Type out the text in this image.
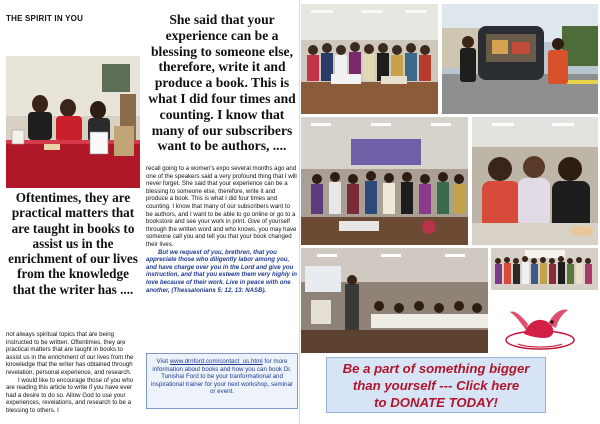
THE SPIRIT IN YOU
Oftentimes, they are practical matters that are taught in books to assist us in the enrichment of our lives from the knowledge that the writer has ....

not always spiritual topics that are being instructed to be written. Oftentimes, they are practical matters that are taught in books to assist us in the enrichment of our lives from the knowledge that the writer has obtained through revelation, personal experience, and research.

I would like to encourage those of you who are reading this article to write if you have ever had a desire to do so. Allow God to use your experiences, revelations, and research to be a blessing to others. I

She said that your experience can be a blessing to someone else, therefore, write it and produce a book. This is what I did four times and counting. I know that many of our subscribers want to be authors, ....

recall going to a women's expo several months ago and one of the speakers said a very profound thing that I will never forget. She said that your experience can be a blessing to someone else, therefore, write it and produce a book. This is what I did four times and counting. I know that many of our subscribers want to be authors, and I want to be able to go online or go to a bookstore and see your work in print. Give of yourself through the written word and who knows, you may have someone call you and tell you that your book changed their lives.

But we request of you, brethren, that you appreciate those who diligently labor among you, and have charge over you in the Lord and give you instruction, and that you esteem them very highly in love because of their work. Live in peace with one another, (Thessalonians 5: 12, 13: NASB).

Visit www.drnford.com/contact_us.html for more information about books and how you can book Dr. Tunishai Ford to be your tranformational and inspirational trainer for your next workshop, seminar or event.
Be a part of something bigger
than yourself --- Click here
to DONATE TODAY!
